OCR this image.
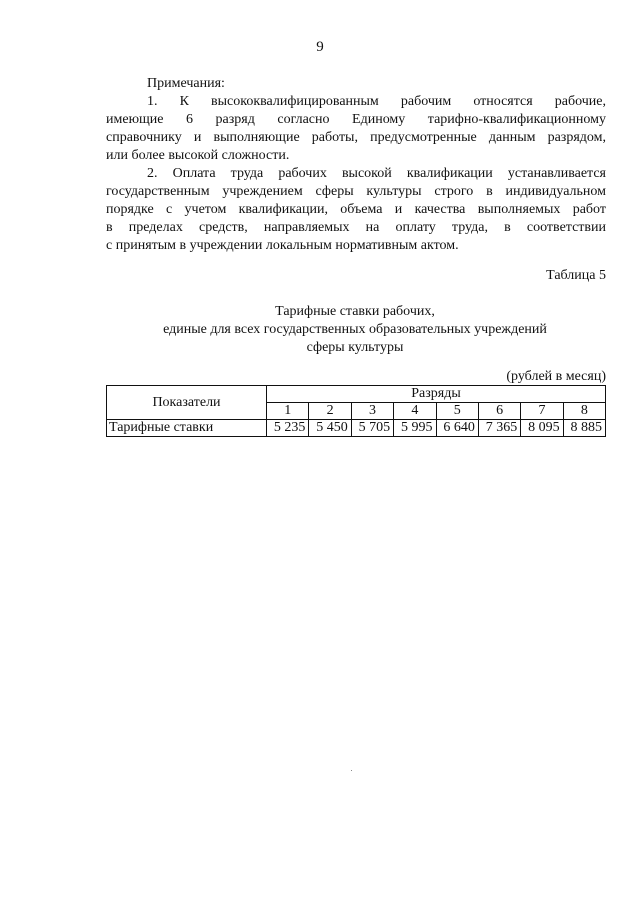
9
Примечания:
1. К высококвалифицированным рабочим относятся рабочие,
имеющие 6 разряд согласно Единому тарифно-квалификационному
справочнику и выполняющие работы, предусмотренные данным разрядом,
или более высокой сложности.
2. Оплата труда рабочих высокой квалификации устанавливается
государственным учреждением сферы культуры строго в индивидуальном
порядке с учетом квалификации, объема и качества выполняемых работ
в пределах средств, направляемых на оплату труда, в соответствии
с принятым в учреждении локальным нормативным актом.
Таблица 5
Тарифные ставки рабочих,
единые для всех государственных образовательных учреждений
сферы культуры
(рублей в месяц)
Показатели	Разряды							
	1	2	3	4	5	6	7	8
Тарифные ставки	5 235	5 450	5 705	5 995	6 640	7 365	8 095	8 885
